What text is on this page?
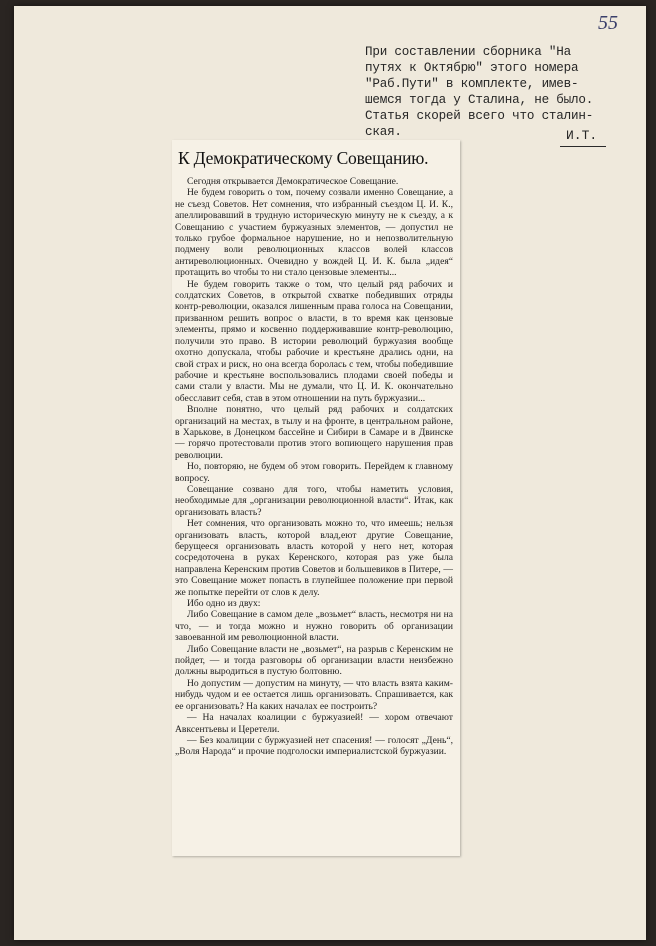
55
При составлении сборника "На
путях к Октябрю" этого номера
"Раб.Пути" в комплекте, имев-
шемся тогда у Сталина, не было.
Статья скорей всего что сталин-
ская.	И.Т.
К Демократическому Совещанию.

Сегодня открывается Демократическое Совещание.

Не будем говорить о том, почему созвали именно Совещание, а не съезд Советов. Нет сомнения, что избранный съездом Ц. И. К., апеллировавший в трудную историческую минуту не к съезду, а к Совещанию с участием буржуазных элементов, — допустил не только грубое формальное нарушение, но и непозволительную подмену воли революционных классов волей классов антиреволюционных. Очевидно у вождей Ц. И. К. была „идея“ протащить во чтобы то ни стало цензовые элементы...

Не будем говорить также о том, что целый ряд рабочих и солдатских Советов, в открытой схватке победивших отряды контр-революции, оказался лишенным права голоса на Совещании, призванном решить вопрос о власти, в то время как цензовые элементы, прямо и косвенно поддерживавшие контр-революцию, получили это право. В истории революций буржуазия вообще охотно допускала, чтобы рабочие и крестьяне дрались одни, на свой страх и риск, но она всегда боролась с тем, чтобы победившие рабочие и крестьяне воспользовались плодами своей победы и сами стали у власти. Мы не думали, что Ц. И. К. окончательно обесславит себя, став в этом отношении на путь буржуазии...

Вполне понятно, что целый ряд рабочих и солдатских организаций на местах, в тылу и на фронте, в центральном районе, в Харькове, в Донецком бассейне и Сибири в Самаре и в Двинске — горячо протестовали против этого вопиющего нарушения прав революции.

Но, повторяю, не будем об этом говорить. Перейдем к главному вопросу.

Совещание созвано для того, чтобы наметить условия, необходимые для „организации революционной власти“. Итак, как организовать власть?

Нет сомнения, что организовать можно то, что имеешь; нельзя организовать власть, которой влад,еют другие Совещание, берущееся организовать власть которой у него нет, которая сосредоточена в руках Керенского, которая раз уже была направлена Керенским против Советов и большевиков в Питере, — это Совещание может попасть в глупейшее положение при первой же попытке перейти от слов к делу.

Ибо одно из двух:

Либо Совещание в самом деле „возьмет“ власть, несмотря ни на что, — и тогда можно и нужно говорить об организации завоеванной им революционной власти.

Либо Совещание власти не „возьмет“, на разрыв с Керенским не пойдет, — и тогда разговоры об организации власти неизбежно должны выродиться в пустую болтовню.

Но допустим — допустим на минуту, — что власть взята каким-нибудь чудом и ее остается лишь организовать. Спрашивается, как ее организовать? На каких началах ее построить?

— На началах коалиции с буржуазией! — хором отвечают Авксентьевы и Церетели.

— Без коалиции с буржуазией нет спасения! — голосят „День“, „Воля Народа“ и прочие подголоски империалистской буржуазии.
